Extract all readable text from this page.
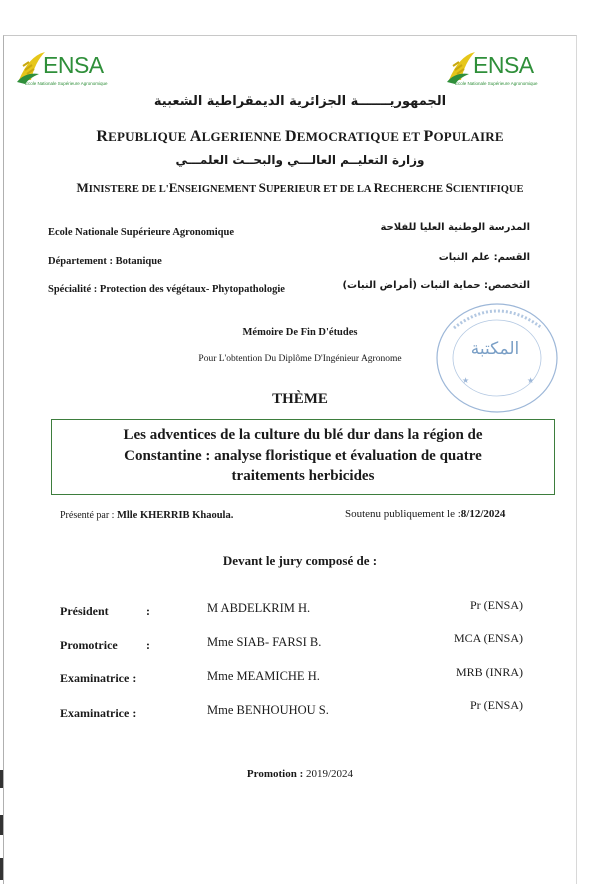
ENSA
Ecole Nationale Supérieure Agronomique
ENSA
Ecole Nationale Supérieure Agronomique
الجمهوريـــــــة الجزائرية الديمقراطية الشعبية
REPUBLIQUE ALGERIENNE DEMOCRATIQUE ET POPULAIRE
وزارة التعليــم العالـــي والبحــث العلمـــي
MINISTERE DE L'ENSEIGNEMENT SUPERIEUR ET DE LA RECHERCHE SCIENTIFIQUE
Ecole Nationale Supérieure Agronomique	المدرسة الوطنية العليا للفلاحة
Département : Botanique	القسم: علم النبات
Spécialité : Protection des végétaux- Phytopathologie	التخصص: حماية النبات (أمراض النبات)
★	★
المكتبة
Mémoire De Fin D'études
Pour L'obtention Du Diplôme D'Ingénieur Agronome
THÈME
Les adventices de la culture du blé dur dans la région de
Constantine : analyse floristique et évaluation de quatre
traitements herbicides
Présenté par : Mlle KHERRIB Khaoula.	Soutenu publiquement le :8/12/2024
Devant le jury composé de :
Président	:	M ABDELKRIM H.	Pr (ENSA)
Promotrice :	Mme SIAB- FARSI B.	MCA (ENSA)
Examinatrice :	Mme MEAMICHE H.	MRB (INRA)
Examinatrice :	Mme BENHOUHOU S.	Pr (ENSA)
Promotion : 2019/2024
